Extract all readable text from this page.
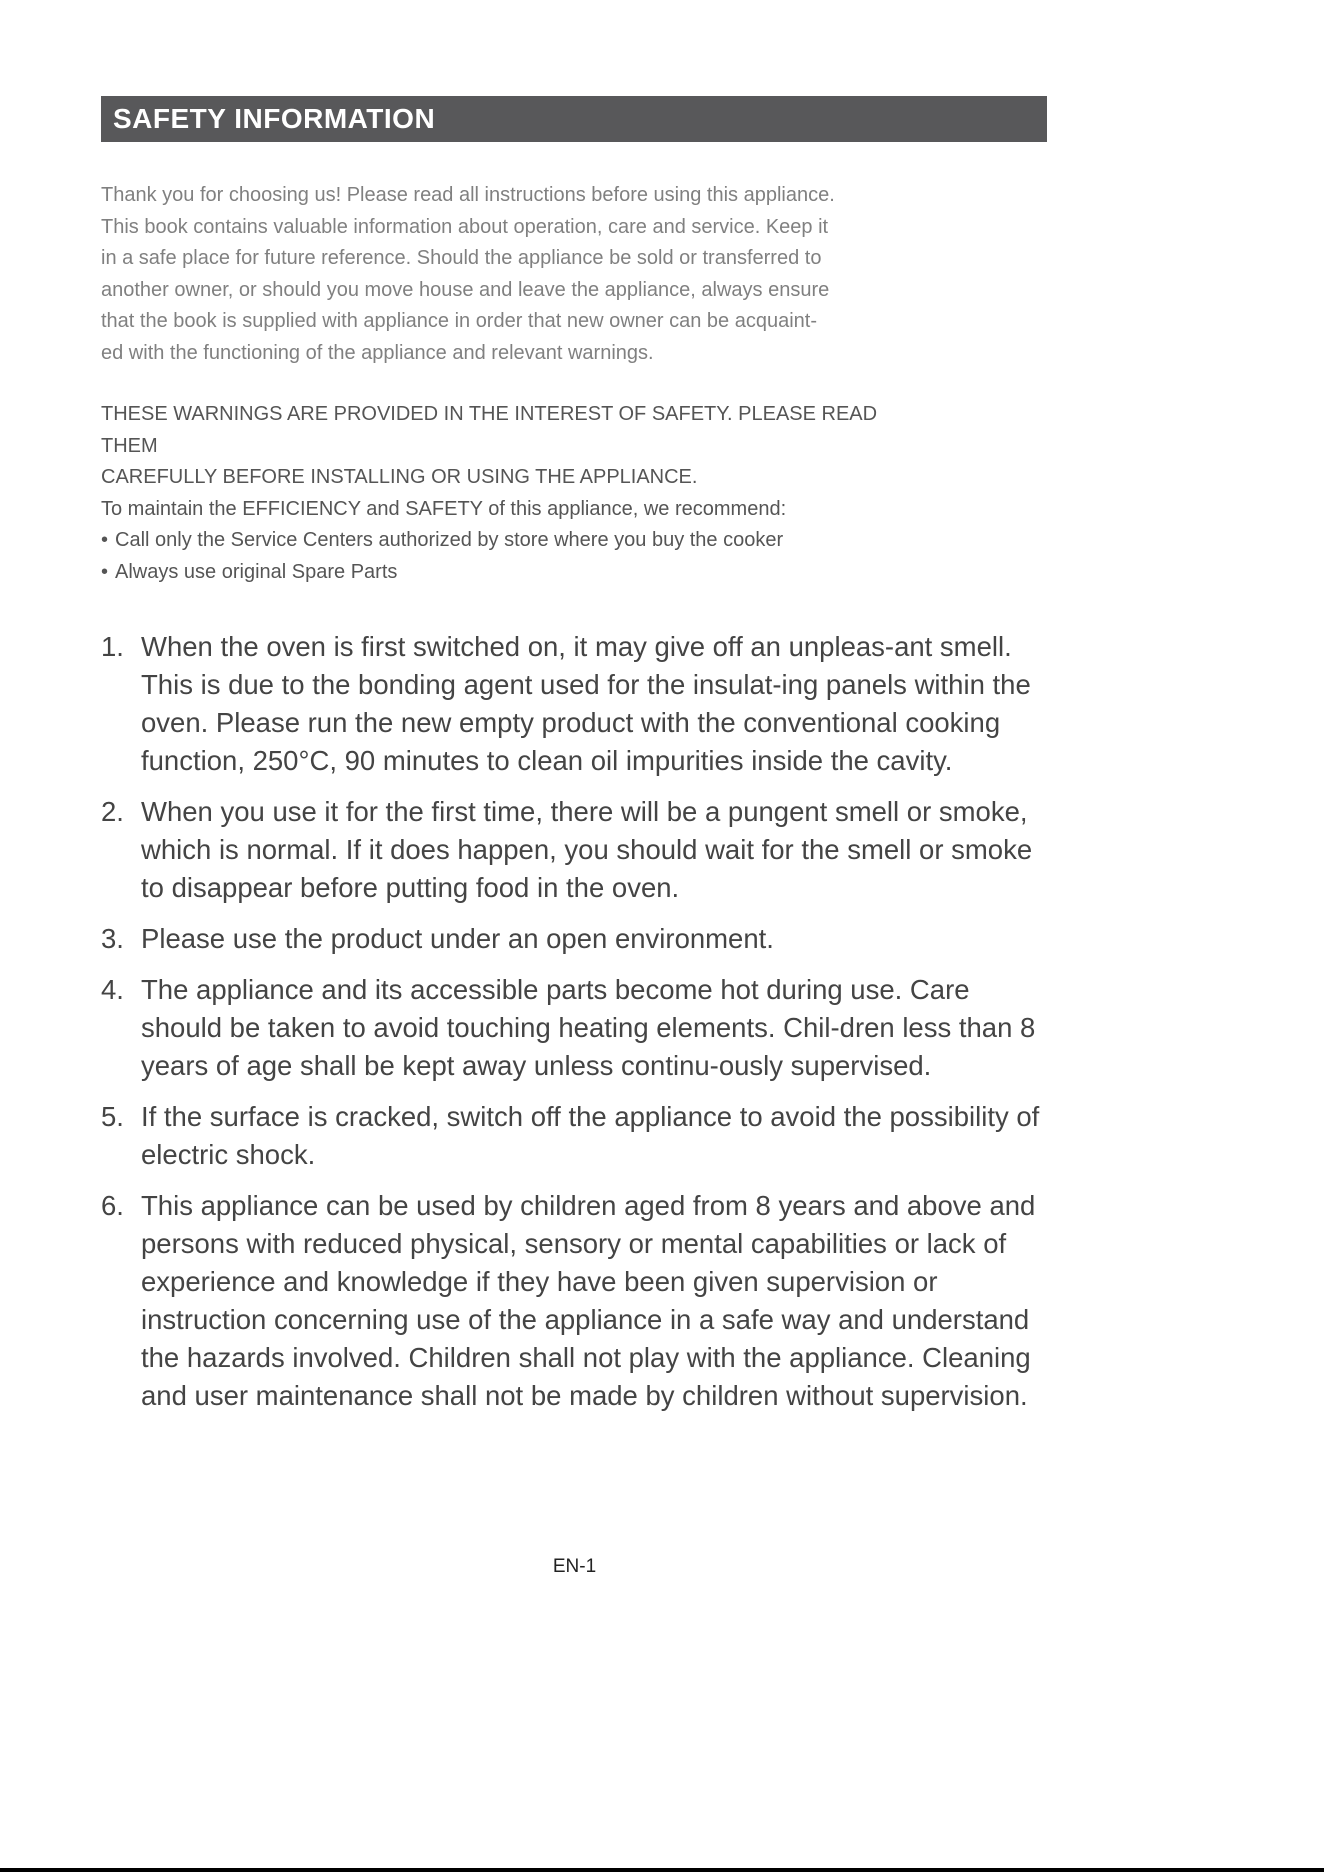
SAFETY INFORMATION

Thank you for choosing us! Please read all instructions before using this appliance.

This book contains valuable information about operation, care and service. Keep it

in a safe place for future reference. Should the appliance be sold or transferred to

another owner, or should you move house and leave the appliance, always ensure

that the book is supplied with appliance in order that new owner can be acquaint-

ed with the functioning of the appliance and relevant warnings.

THESE WARNINGS ARE PROVIDED IN THE INTEREST OF SAFETY. PLEASE READ

THEM

CAREFULLY BEFORE INSTALLING OR USING THE APPLIANCE.

To maintain the EFFICIENCY and SAFETY of this appliance, we recommend:

• Call only the Service Centers authorized by store where you buy the cooker
• Always use original Spare Parts
1. When the oven is first switched on, it may give off an unpleas-ant smell. This is due to the bonding agent used for the insulat-ing panels within the oven. Please run the new empty product with the conventional cooking function, 250°C, 90 minutes to clean oil impurities inside the cavity.
2. When you use it for the first time, there will be a pungent smell or smoke, which is normal. If it does happen, you should wait for the smell or smoke to disappear before putting food in the oven.
3. Please use the product under an open environment.
4. The appliance and its accessible parts become hot during use. Care should be taken to avoid touching heating elements. Chil-dren less than 8 years of age shall be kept away unless continu-ously supervised.
5. If the surface is cracked, switch off the appliance to avoid the possibility of electric shock.
6. This appliance can be used by children aged from 8 years and above and persons with reduced physical, sensory or mental capabilities or lack of experience and knowledge if they have been given supervision or instruction concerning use of the appliance in a safe way and understand the hazards involved. Children shall not play with the appliance. Cleaning and user maintenance shall not be made by children without supervision.
EN-1
